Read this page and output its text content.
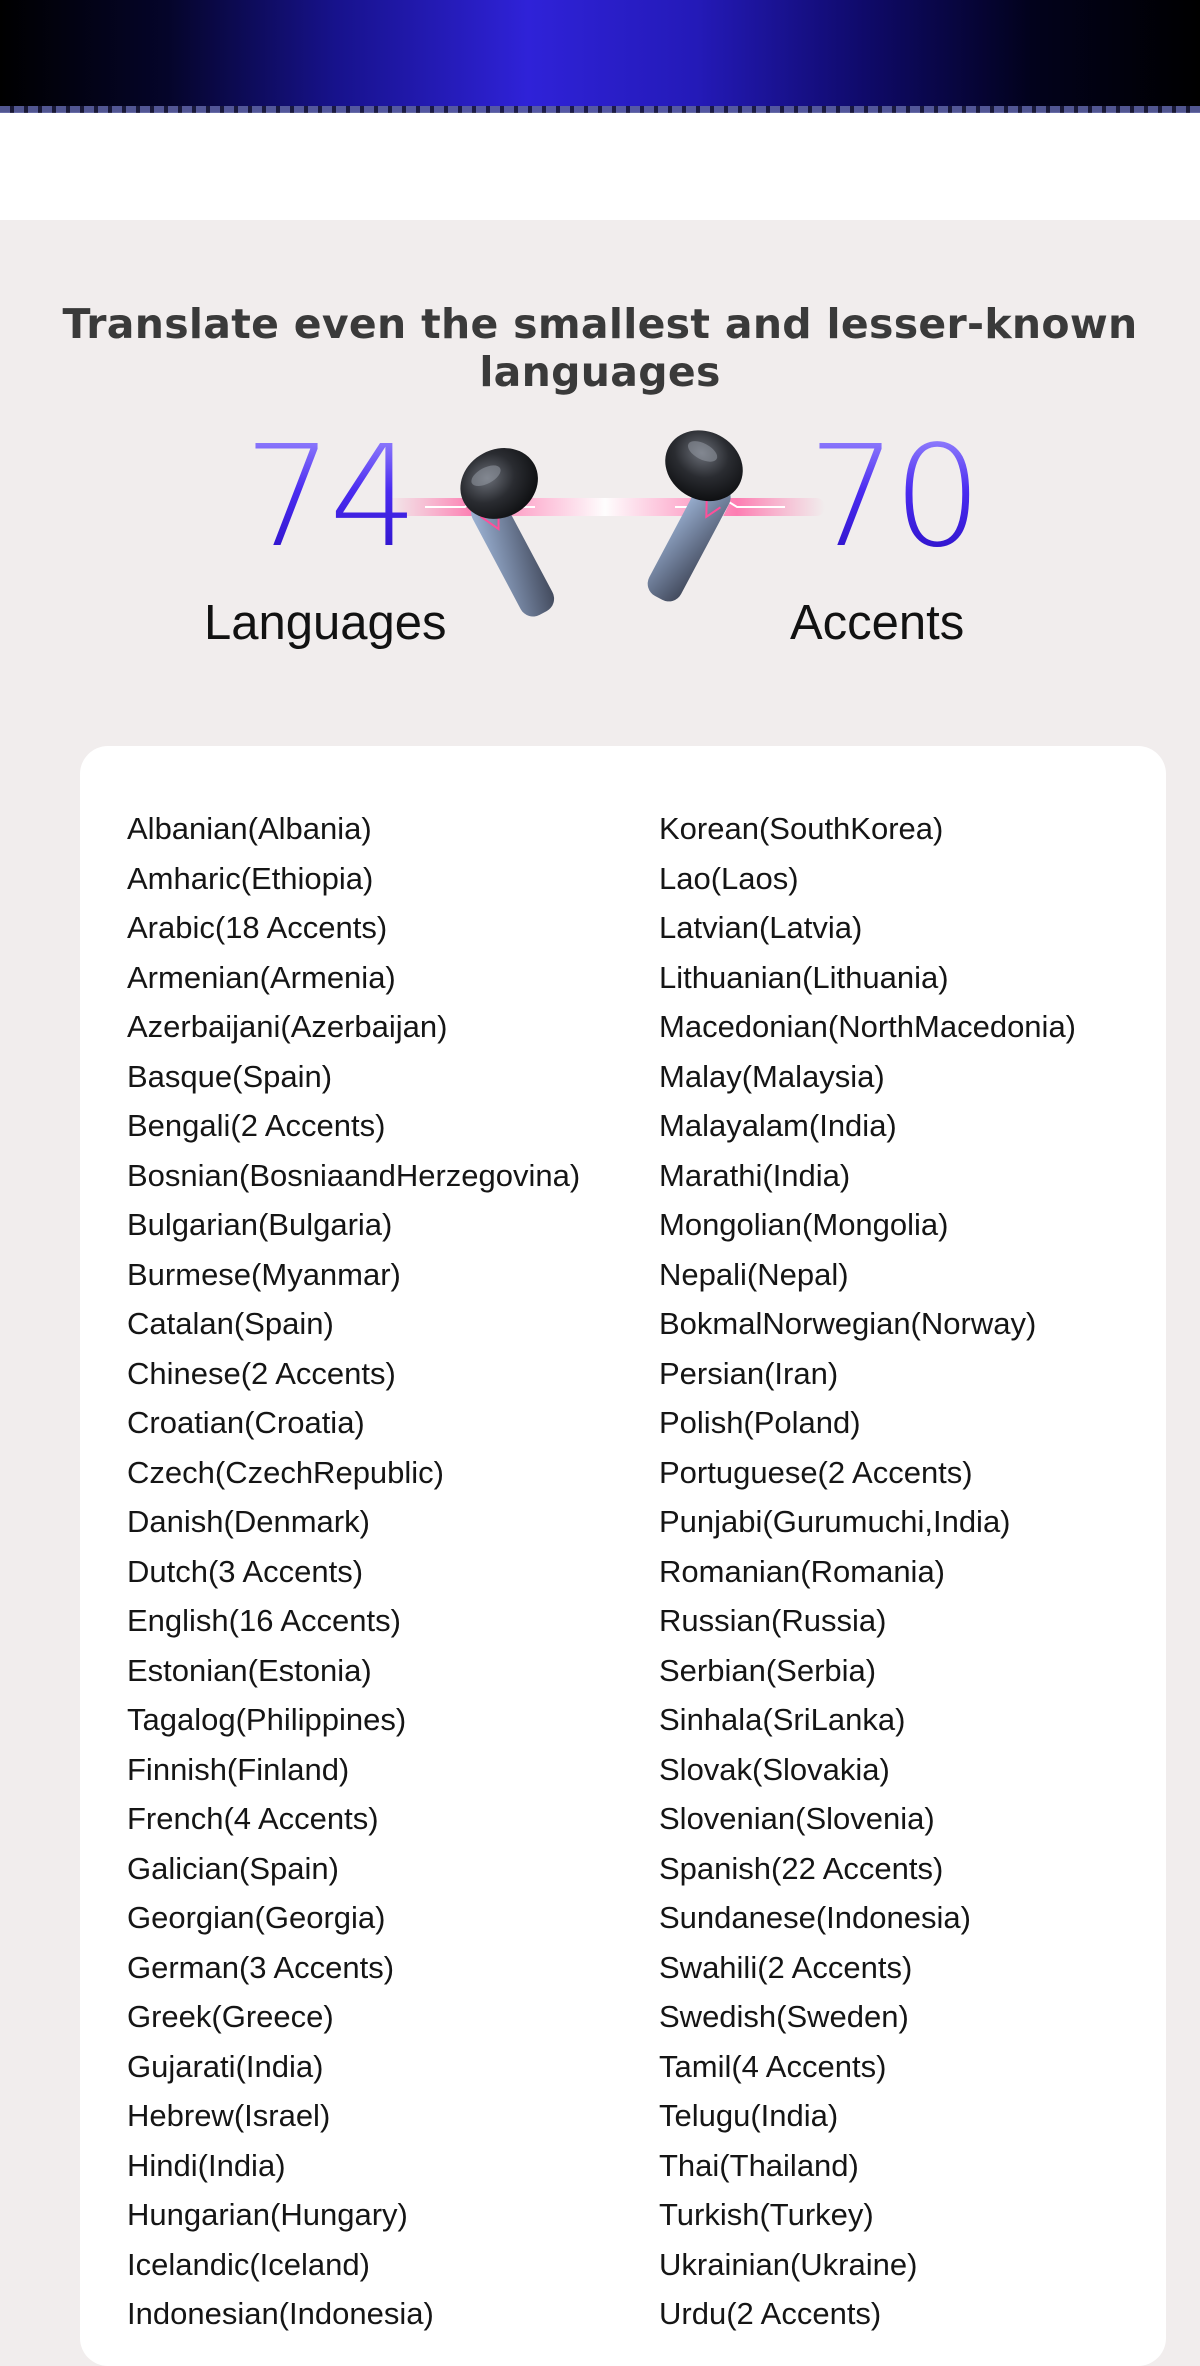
Translate even the smallest and lesser-known languages
74	70
Languages	Accents
Albanian(Albania)
Amharic(Ethiopia)
Arabic(18 Accents)
Armenian(Armenia)
Azerbaijani(Azerbaijan)
Basque(Spain)
Bengali(2 Accents)
Bosnian(BosniaandHerzegovina)
Bulgarian(Bulgaria)
Burmese(Myanmar)
Catalan(Spain)
Chinese(2 Accents)
Croatian(Croatia)
Czech(CzechRepublic)
Danish(Denmark)
Dutch(3 Accents)
English(16 Accents)
Estonian(Estonia)
Tagalog(Philippines)
Finnish(Finland)
French(4 Accents)
Galician(Spain)
Georgian(Georgia)
German(3 Accents)
Greek(Greece)
Gujarati(India)
Hebrew(Israel)
Hindi(India)
Hungarian(Hungary)
Icelandic(Iceland)
Indonesian(Indonesia)
Korean(SouthKorea)
Lao(Laos)
Latvian(Latvia)
Lithuanian(Lithuania)
Macedonian(NorthMacedonia)
Malay(Malaysia)
Malayalam(India)
Marathi(India)
Mongolian(Mongolia)
Nepali(Nepal)
BokmalNorwegian(Norway)
Persian(Iran)
Polish(Poland)
Portuguese(2 Accents)
Punjabi(Gurumuchi,India)
Romanian(Romania)
Russian(Russia)
Serbian(Serbia)
Sinhala(SriLanka)
Slovak(Slovakia)
Slovenian(Slovenia)
Spanish(22 Accents)
Sundanese(Indonesia)
Swahili(2 Accents)
Swedish(Sweden)
Tamil(4 Accents)
Telugu(India)
Thai(Thailand)
Turkish(Turkey)
Ukrainian(Ukraine)
Urdu(2 Accents)
